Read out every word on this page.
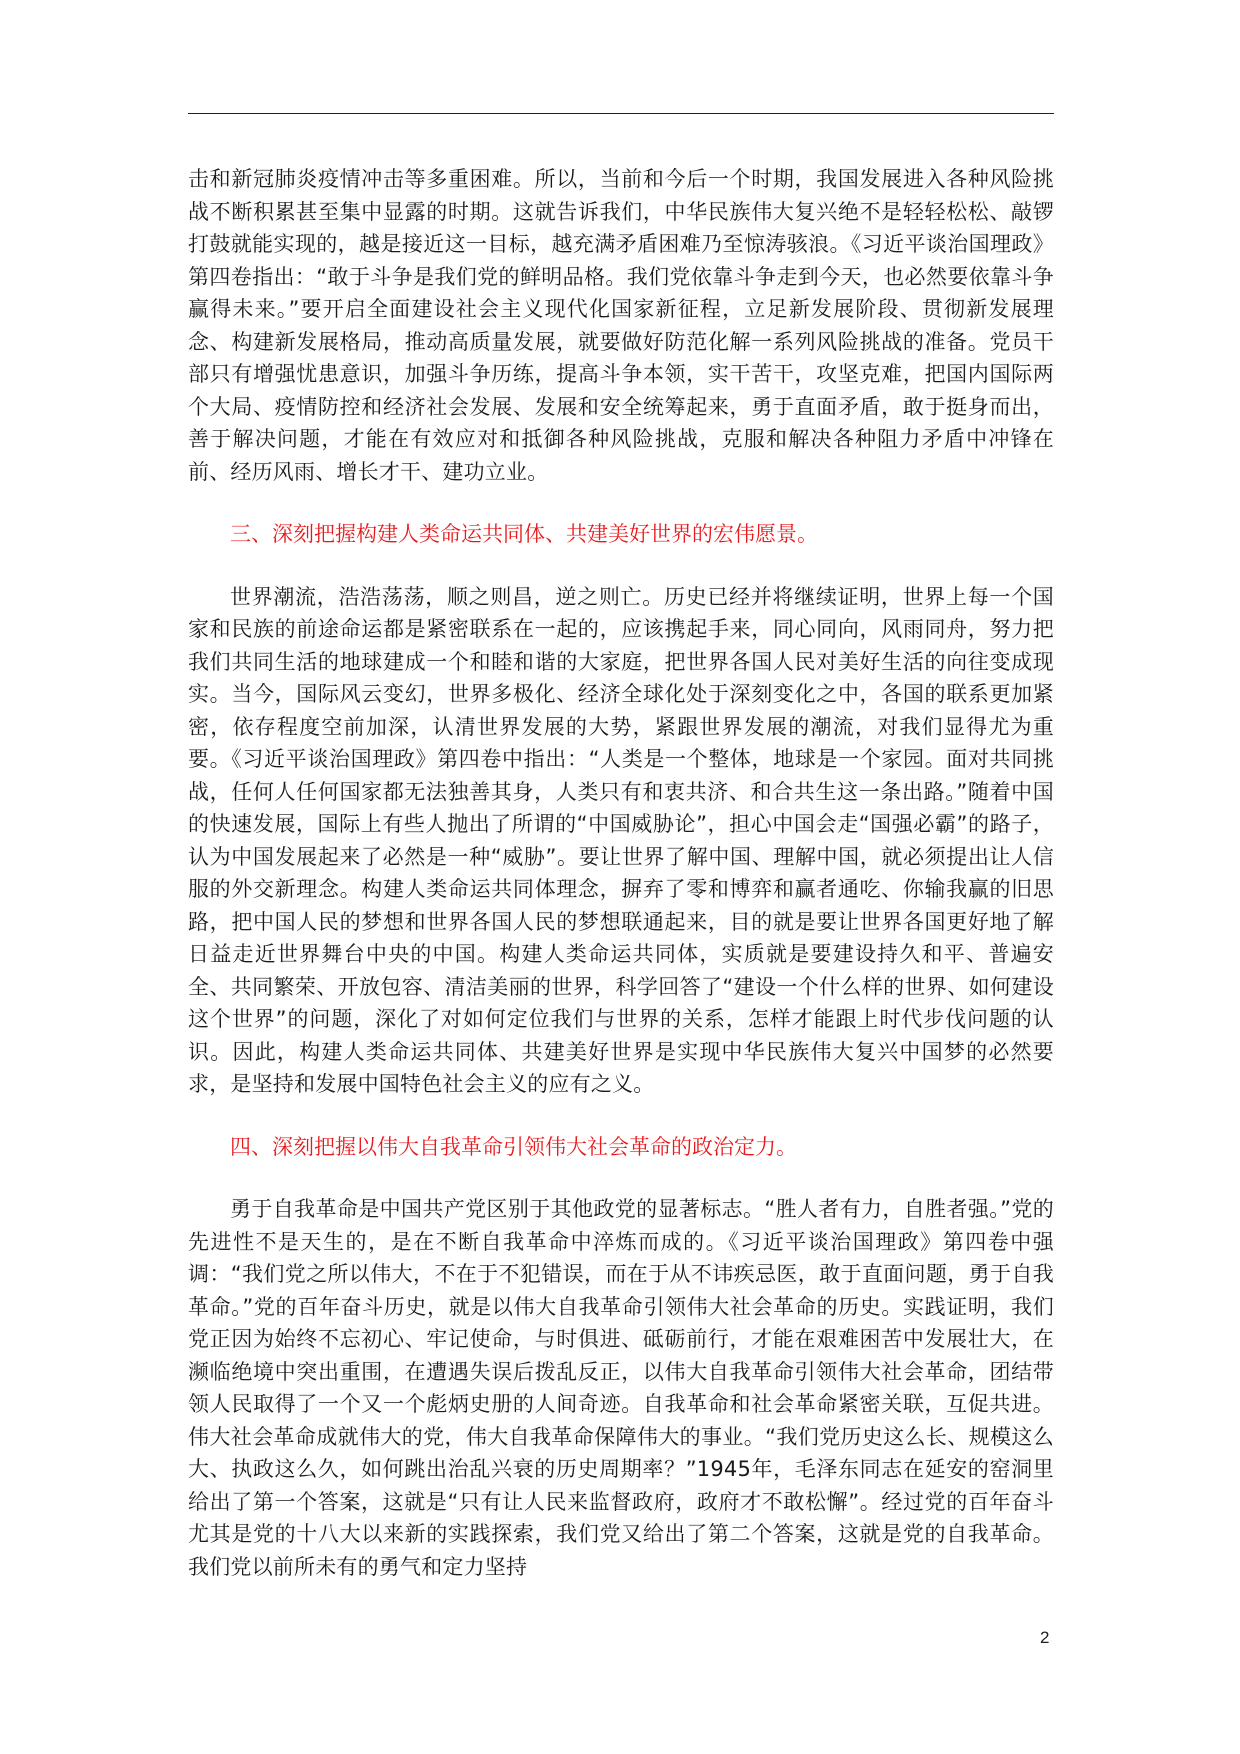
击和新冠肺炎疫情冲击等多重困难。所以，当前和今后一个时期，我国发展进入各种风险挑战不断积累甚至集中显露的时期。这就告诉我们，中华民族伟大复兴绝不是轻轻松松、敲锣打鼓就能实现的，越是接近这一目标，越充满矛盾困难乃至惊涛骇浪。《习近平谈治国理政》第四卷指出：“敢于斗争是我们党的鲜明品格。我们党依靠斗争走到今天，也必然要依靠斗争赢得未来。”要开启全面建设社会主义现代化国家新征程，立足新发展阶段、贯彻新发展理念、构建新发展格局，推动高质量发展，就要做好防范化解一系列风险挑战的准备。党员干部只有增强忧患意识，加强斗争历练，提高斗争本领，实干苦干，攻坚克难，把国内国际两个大局、疫情防控和经济社会发展、发展和安全统筹起来，勇于直面矛盾，敢于挺身而出，善于解决问题，才能在有效应对和抵御各种风险挑战，克服和解决各种阻力矛盾中冲锋在前、经历风雨、增长才干、建功立业。

三、深刻把握构建人类命运共同体、共建美好世界的宏伟愿景。

世界潮流，浩浩荡荡，顺之则昌，逆之则亡。历史已经并将继续证明，世界上每一个国家和民族的前途命运都是紧密联系在一起的，应该携起手来，同心同向，风雨同舟，努力把我们共同生活的地球建成一个和睦和谐的大家庭，把世界各国人民对美好生活的向往变成现实。当今，国际风云变幻，世界多极化、经济全球化处于深刻变化之中，各国的联系更加紧密，依存程度空前加深，认清世界发展的大势，紧跟世界发展的潮流，对我们显得尤为重要。《习近平谈治国理政》第四卷中指出：“人类是一个整体，地球是一个家园。面对共同挑战，任何人任何国家都无法独善其身，人类只有和衷共济、和合共生这一条出路。”随着中国的快速发展，国际上有些人抛出了所谓的“中国威胁论”，担心中国会走“国强必霸”的路子，认为中国发展起来了必然是一种“威胁”。要让世界了解中国、理解中国，就必须提出让人信服的外交新理念。构建人类命运共同体理念，摒弃了零和博弈和赢者通吃、你输我赢的旧思路，把中国人民的梦想和世界各国人民的梦想联通起来，目的就是要让世界各国更好地了解日益走近世界舞台中央的中国。构建人类命运共同体，实质就是要建设持久和平、普遍安全、共同繁荣、开放包容、清洁美丽的世界，科学回答了“建设一个什么样的世界、如何建设这个世界”的问题，深化了对如何定位我们与世界的关系，怎样才能跟上时代步伐问题的认识。因此，构建人类命运共同体、共建美好世界是实现中华民族伟大复兴中国梦的必然要求，是坚持和发展中国特色社会主义的应有之义。

四、深刻把握以伟大自我革命引领伟大社会革命的政治定力。

勇于自我革命是中国共产党区别于其他政党的显著标志。“胜人者有力，自胜者强。”党的先进性不是天生的，是在不断自我革命中淬炼而成的。《习近平谈治国理政》第四卷中强调：“我们党之所以伟大，不在于不犯错误，而在于从不讳疾忌医，敢于直面问题，勇于自我革命。”党的百年奋斗历史，就是以伟大自我革命引领伟大社会革命的历史。实践证明，我们党正因为始终不忘初心、牢记使命，与时俱进、砥砺前行，才能在艰难困苦中发展壮大，在濒临绝境中突出重围，在遭遇失误后拨乱反正，以伟大自我革命引领伟大社会革命，团结带领人民取得了一个又一个彪炳史册的人间奇迹。自我革命和社会革命紧密关联，互促共进。伟大社会革命成就伟大的党，伟大自我革命保障伟大的事业。“我们党历史这么长、规模这么大、执政这么久，如何跳出治乱兴衰的历史周期率？”1945年，毛泽东同志在延安的窑洞里给出了第一个答案，这就是“只有让人民来监督政府，政府才不敢松懈”。经过党的百年奋斗尤其是党的十八大以来新的实践探索，我们党又给出了第二个答案，这就是党的自我革命。我们党以前所未有的勇气和定力坚持

2
